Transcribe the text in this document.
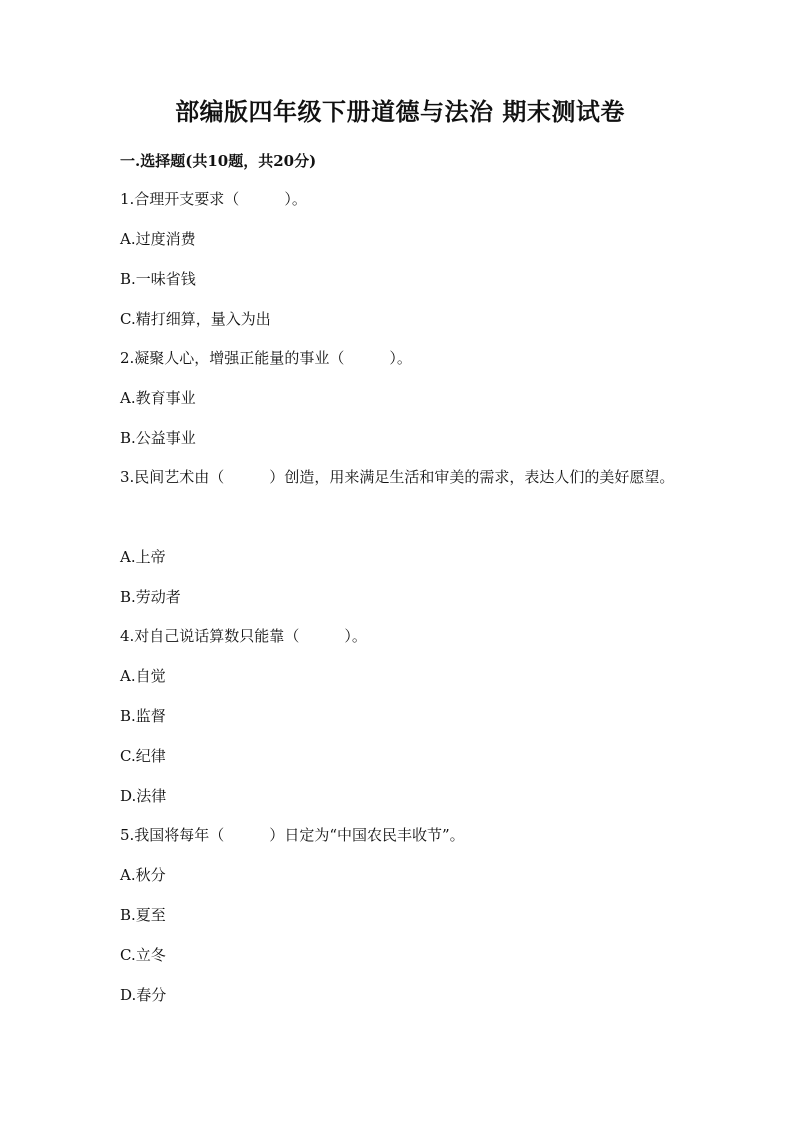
部编版四年级下册道德与法治 期末测试卷
一.选择题(共10题，共20分)
1.合理开支要求（　　　）。
A.过度消费
B.一味省钱
C.精打细算，量入为出
2.凝聚人心，增强正能量的事业（　　　）。
A.教育事业
B.公益事业
3.民间艺术由（　　　）创造，用来满足生活和审美的需求，表达人们的美好愿望。
A.上帝
B.劳动者
4.对自己说话算数只能靠（　　　）。
A.自觉
B.监督
C.纪律
D.法律
5.我国将每年（　　　）日定为“中国农民丰收节”。
A.秋分
B.夏至
C.立冬
D.春分
